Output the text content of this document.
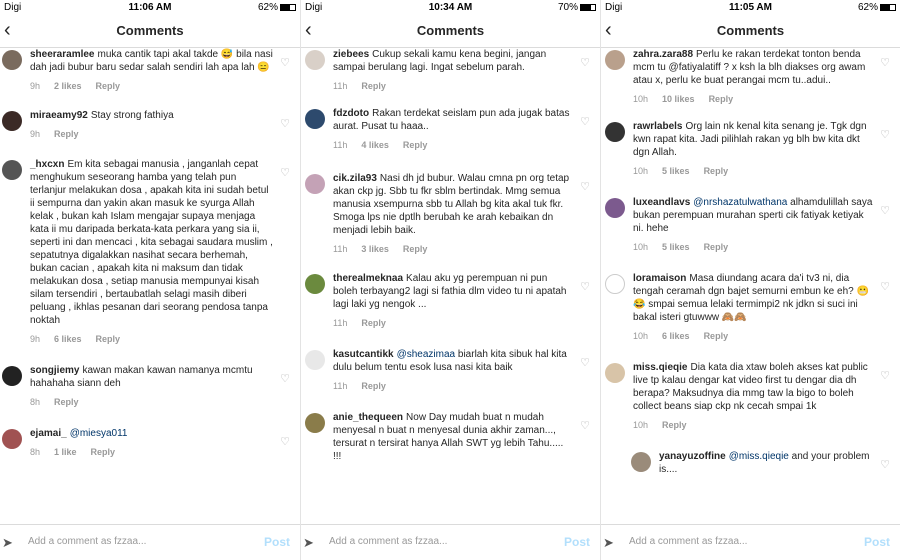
Digi	11:06 AM	62%
‹	Comments
sheeraramlee muka cantik tapi akal takde 😅 bila nasi dah jadi bubur baru sedar salah sendiri lah apa lah 😑
9h 2 likes Reply
♡
miraeamy92 Stay strong fathiya
9h Reply
♡
_hxcxn Em kita sebagai manusia , janganlah cepat menghukum seseorang hamba yang telah pun terlanjur melakukan dosa , apakah kita ini sudah betul ii sempurna dan yakin akan masuk ke syurga Allah kelak , bukan kah Islam mengajar supaya menjaga kata ii mu daripada berkata-kata perkara yang sia ii, seperti ini dan mencaci , kita sebagai saudara muslim , sepatutnya digalakkan nasihat secara berhemah, bukan cacian , apakah kita ni maksum dan tidak melakukan dosa , setiap manusia mempunyai kisah silam tersendiri , bertaubatlah selagi masih diberi peluang , ikhlas pesanan dari seorang pendosa tanpa noktah
9h 6 likes Reply
♡
songjiemy kawan makan kawan namanya mcmtu hahahaha siann deh
8h Reply
♡
ejamai_ @miesya011
8h 1 like Reply
♡
➤ Add a comment as fzzaa...	Post
Digi	10:34 AM	70%
‹	Comments
ziebees Cukup sekali kamu kena begini, jangan sampai berulang lagi. Ingat sebelum parah.
11h Reply
♡
fdzdoto Rakan terdekat seislam pun ada jugak batas aurat. Pusat tu haaa..
11h 4 likes Reply
♡
cik.zila93 Nasi dh jd bubur. Walau cmna pn org tetap akan ckp jg. Sbb tu fkr sblm bertindak. Mmg semua manusia xsempurna sbb tu Allah bg kita akal tuk fkr. Smoga lps nie dptlh berubah ke arah kebaikan dn menjadi lebih baik.
11h 3 likes Reply
♡
therealmeknaa Kalau aku yg perempuan ni pun boleh terbayang2 lagi si fathia dlm video tu ni apatah lagi laki yg nengok ...
11h Reply
♡
kasutcantikk @sheazimaa biarlah kita sibuk hal kita dulu belum tentu esok lusa nasi kita baik
11h Reply
♡
anie_thequeen Now Day mudah buat n mudah menyesal n buat n menyesal dunia akhir zaman..., tersurat n tersirat hanya Allah SWT yg lebih Tahu..... !!!
♡
➤ Add a comment as fzzaa...	Post
Digi	11:05 AM	62%
‹	Comments
zahra.zara88 Perlu ke rakan terdekat tonton benda mcm tu @fatiyalatiff ? x ksh la blh diakses org awam atau x, perlu ke buat perangai mcm tu..adui..
10h 10 likes Reply
♡
rawrlabels Org lain nk kenal kita senang je. Tgk dgn kwn rapat kita. Jadi pilihlah rakan yg blh bw kita dkt dgn Allah.
10h 5 likes Reply
♡
luxeandlavs @nrshazatulwathana alhamdulillah saya bukan perempuan murahan sperti cik fatiyak ketiyak ni. hehe
10h 5 likes Reply
♡
loramaison Masa diundang acara da'i tv3 ni, dia tengah ceramah dgn bajet semurni embun ke eh? 😬😂 smpai semua lelaki termimpi2 nk jdkn si suci ini bakal isteri gtuwww 🙈🙈
10h 6 likes Reply
♡
miss.qieqie Dia kata dia xtaw boleh akses kat public live tp kalau dengar kat video first tu dengar dia dh berapa? Maksudnya dia mmg taw la bigo to boleh collect beans siap ckp nk cecah smpai 1k
10h Reply
♡
yanayuzoffine @miss.qieqie and your problem is....	♡
➤ Add a comment as fzzaa...	Post
